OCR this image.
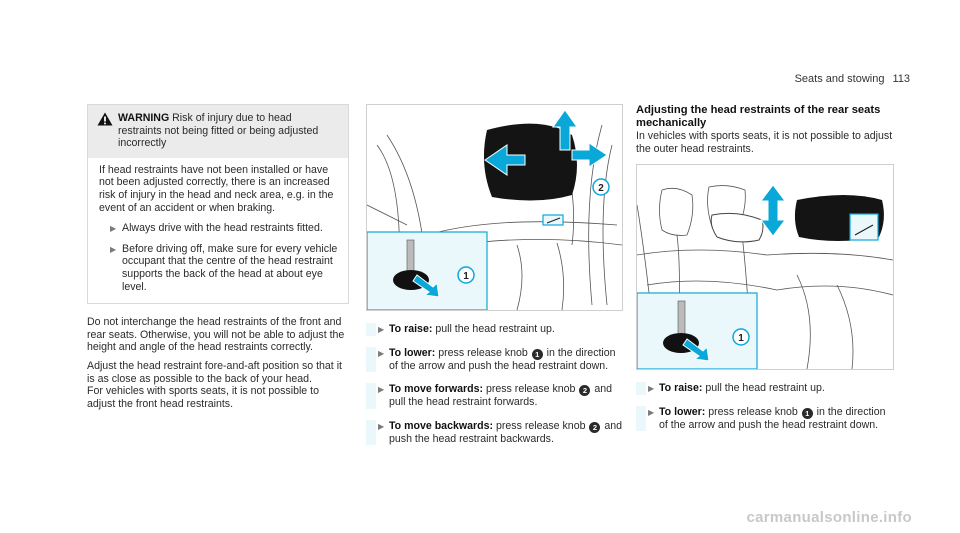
Seats and stowing 113
WARNING Risk of injury due to head restraints not being fitted or being adjusted incorrectly

If head restraints have not been installed or have not been adjusted correctly, there is an increased risk of injury in the head and neck area, e.g. in the event of an accident or when braking.

▶ Always drive with the head restraints fitted.
▶ Before driving off, make sure for every vehicle occupant that the centre of the head restraint supports the back of the head at about eye level.

Do not interchange the head restraints of the front and rear seats. Otherwise, you will not be able to adjust the height and angle of the head restraints correctly.

Adjust the head restraint fore-and-aft position so that it is as close as possible to the back of your head.

For vehicles with sports seats, it is not possible to adjust the front head restraints.

2
1
▶ To raise: pull the head restraint up.
▶ To lower: press release knob 1 in the direction of the arrow and push the head restraint down.
▶ To move forwards: press release knob 2 and pull the head restraint forwards.
▶ To move backwards: press release knob 2 and push the head restraint backwards.
Adjusting the head restraints of the rear seats mechanically

In vehicles with sports seats, it is not possible to adjust the outer head restraints.

1
▶ To raise: pull the head restraint up.
▶ To lower: press release knob 1 in the direction of the arrow and push the head restraint down.
carmanualsonline.info
